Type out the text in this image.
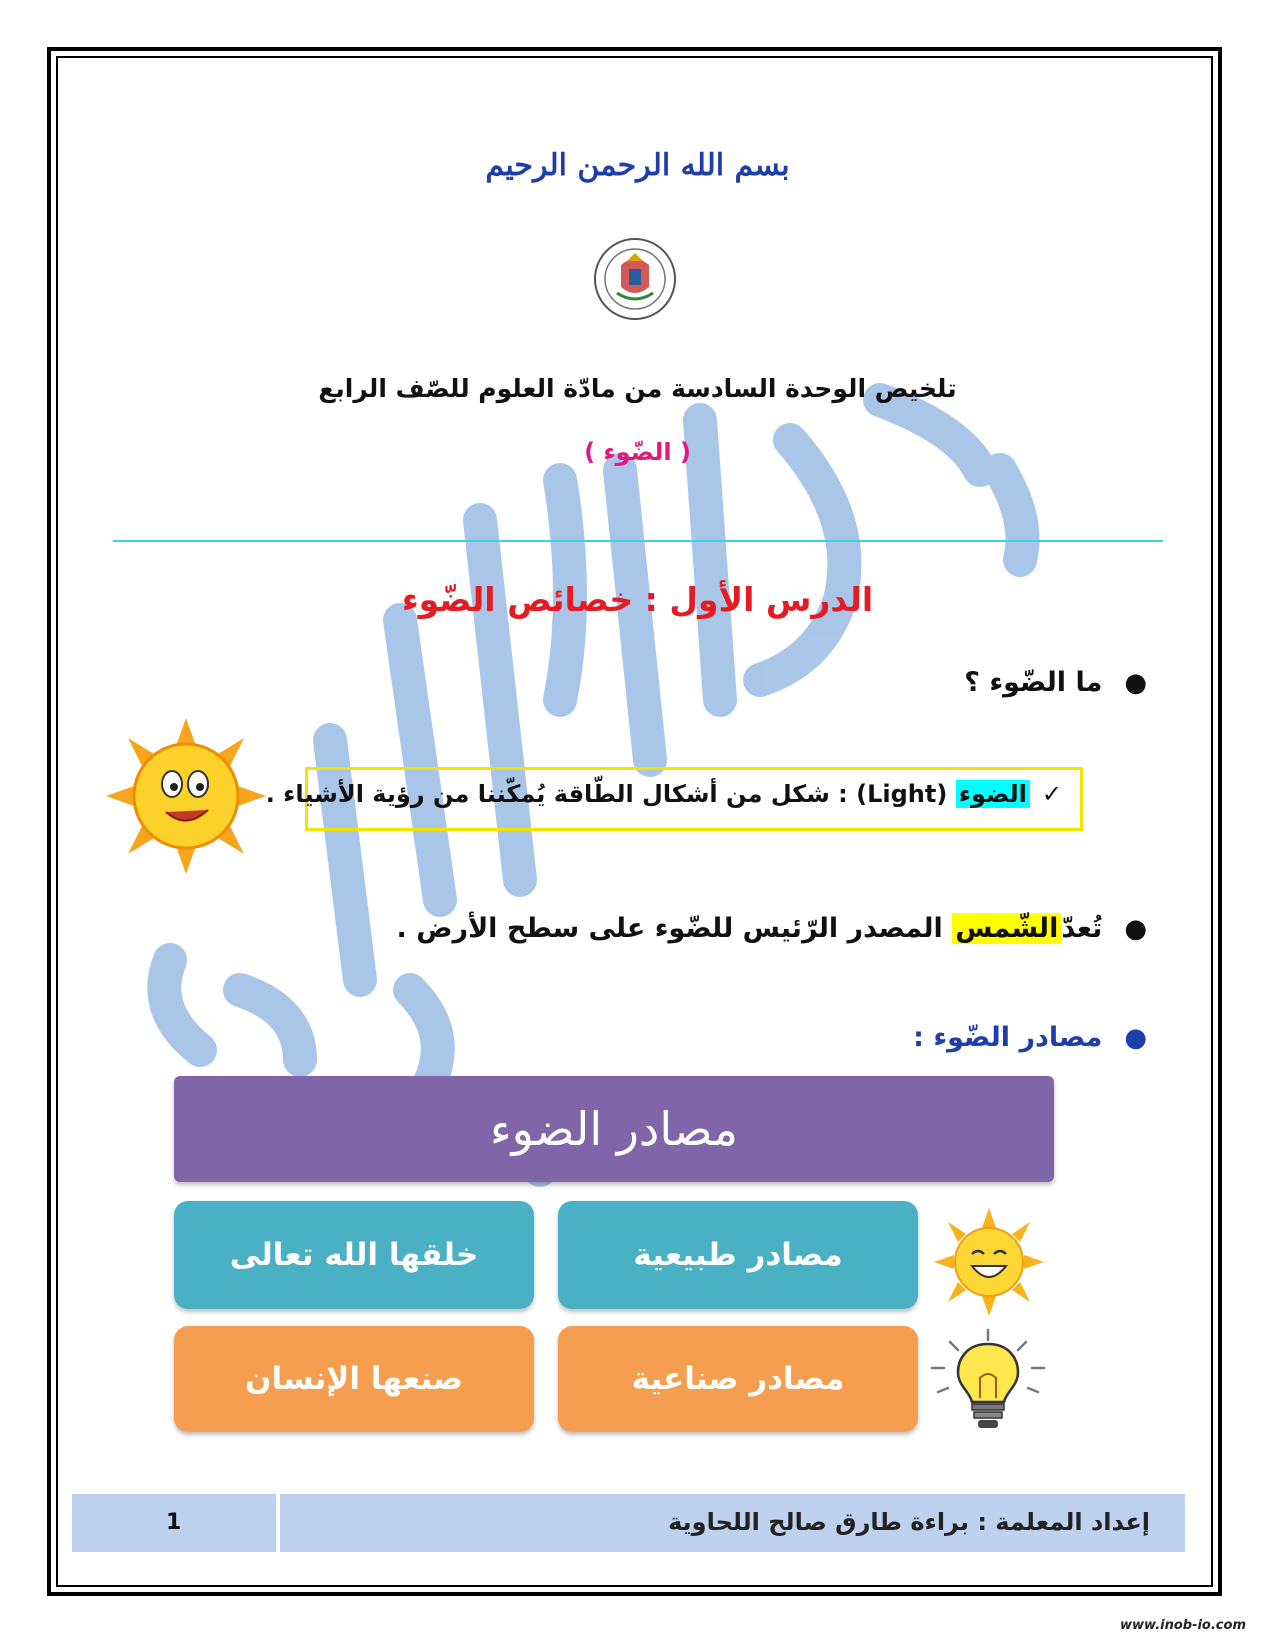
بسم الله الرحمن الرحيم
تلخيص الوحدة السادسة من مادّة العلوم للصّف الرابع
( الضّوء )
الدرس الأول : خصائص الضّوء
●ما الضّوء ؟
✓الضوء (Light) : شكل من أشكال الطّاقة يُمكّننا من رؤية الأشياء .
●تُعدّالشّمس المصدر الرّئيس للضّوء على سطح الأرض .
●مصادر الضّوء :
مصادر الضوء
خلقها الله تعالى	مصادر طبيعية
صنعها الإنسان	مصادر صناعية
إعداد المعلمة : براءة طارق صالح اللحاوية
1
www.inob-io.com
